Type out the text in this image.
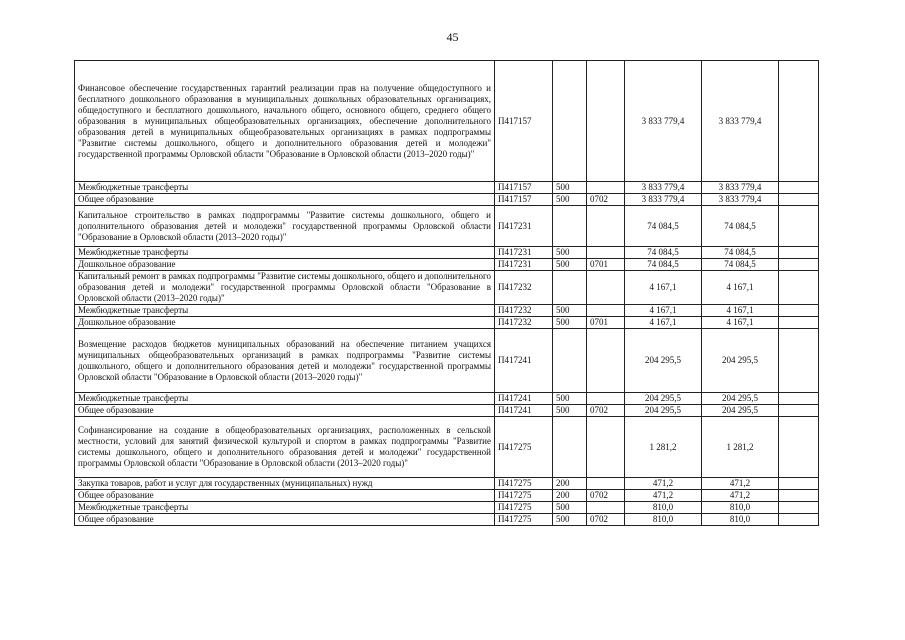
45
Финансовое обеспечение государственных гарантий реализации прав на получение общедоступного и бесплатного дошкольного образования в муниципальных дошкольных образовательных организациях, общедоступного и бесплатного дошкольного, начального общего, основного общего, среднего общего образования в муниципальных общеобразовательных организациях, обеспечение дополнительного образования детей в муниципальных общеобразовательных организациях в рамках подпрограммы "Развитие системы дошкольного, общего и дополнительного образования детей и молодежи" государственной программы Орловской области "Образование в Орловской области (2013–2020 годы)"	П417157			3 833 779,4	3 833 779,4	
Межбюджетные трансферты	П417157	500		3 833 779,4	3 833 779,4	
Общее образование	П417157	500	0702	3 833 779,4	3 833 779,4	
Капитальное строительство в рамках подпрограммы "Развитие системы дошкольного, общего и дополнительного образования детей и молодежи" государственной программы Орловской области "Образование в Орловской области (2013–2020 годы)"	П417231			74 084,5	74 084,5	
Межбюджетные трансферты	П417231	500		74 084,5	74 084,5	
Дошкольное образование	П417231	500	0701	74 084,5	74 084,5	
Капитальный ремонт в рамках подпрограммы "Развитие системы дошкольного, общего и дополнительного образования детей и молодежи" государственной программы Орловской области "Образование в Орловской области (2013–2020 годы)"	П417232			4 167,1	4 167,1	
Межбюджетные трансферты	П417232	500		4 167,1	4 167,1	
Дошкольное образование	П417232	500	0701	4 167,1	4 167,1	
Возмещение расходов бюджетов муниципальных образований на обеспечение питанием учащихся муниципальных общеобразовательных организаций в рамках подпрограммы "Развитие системы дошкольного, общего и дополнительного образования детей и молодежи" государственной программы Орловской области "Образование в Орловской области (2013–2020 годы)"	П417241			204 295,5	204 295,5	
Межбюджетные трансферты	П417241	500		204 295,5	204 295,5	
Общее образование	П417241	500	0702	204 295,5	204 295,5	
Софинансирование на создание в общеобразовательных организациях, расположенных в сельской местности, условий для занятий физической культурой и спортом в рамках подпрограммы "Развитие системы дошкольного, общего и дополнительного образования детей и молодежи" государственной программы Орловской области "Образование в Орловской области (2013–2020 годы)"	П417275			1 281,2	1 281,2	
Закупка товаров, работ и услуг для государственных (муниципальных) нужд	П417275	200		471,2	471,2	
Общее образование	П417275	200	0702	471,2	471,2	
Межбюджетные трансферты	П417275	500		810,0	810,0	
Общее образование	П417275	500	0702	810,0	810,0	
